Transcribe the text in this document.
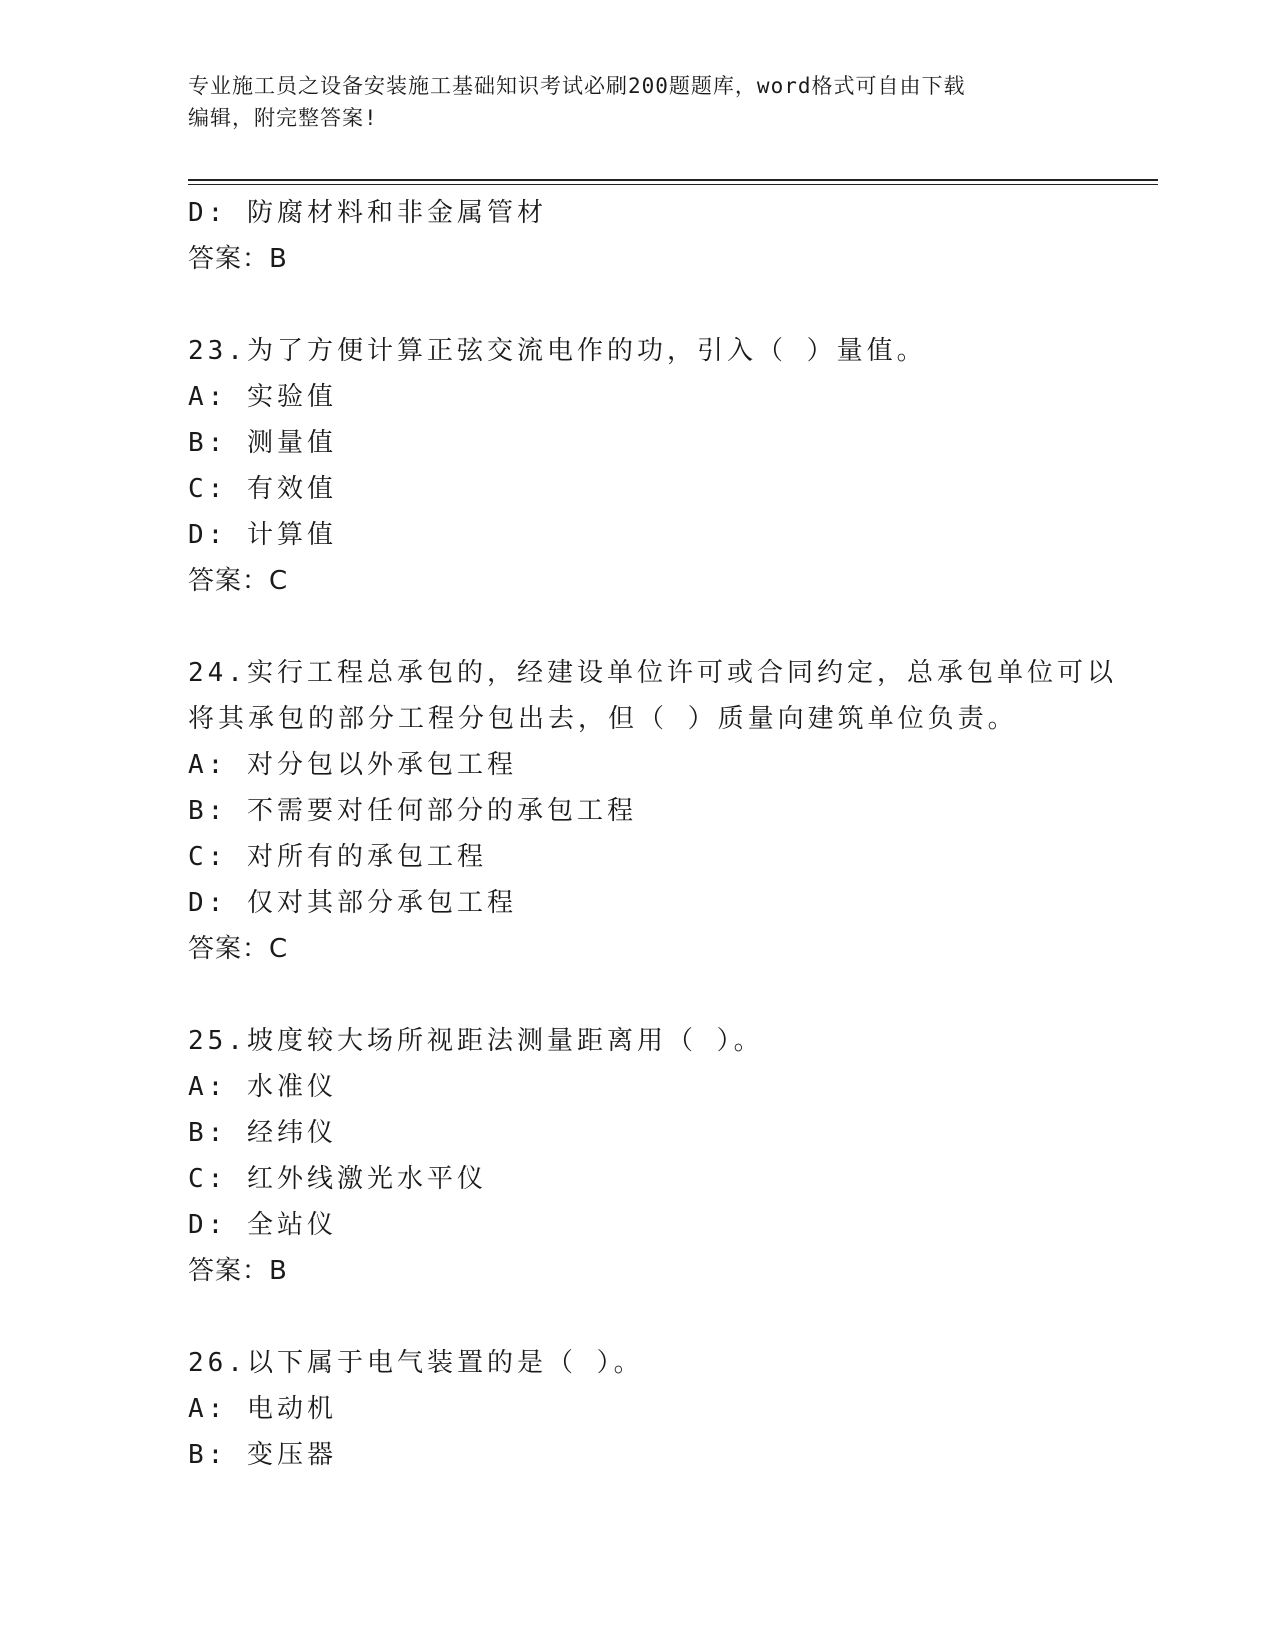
专业施工员之设备安装施工基础知识考试必刷200题题库，word格式可自由下载
编辑，附完整答案!
D: 防腐材料和非金属管材
答案：B
23.为了方便计算正弦交流电作的功，引入（ ）量值。
A: 实验值
B: 测量值
C: 有效值
D: 计算值
答案：C
24.实行工程总承包的，经建设单位许可或合同约定，总承包单位可以
将其承包的部分工程分包出去，但（ ）质量向建筑单位负责。
A: 对分包以外承包工程
B: 不需要对任何部分的承包工程
C: 对所有的承包工程
D: 仅对其部分承包工程
答案：C
25.坡度较大场所视距法测量距离用（ ）。
A: 水准仪
B: 经纬仪
C: 红外线激光水平仪
D: 全站仪
答案：B
26.以下属于电气装置的是（ ）。
A: 电动机
B: 变压器
